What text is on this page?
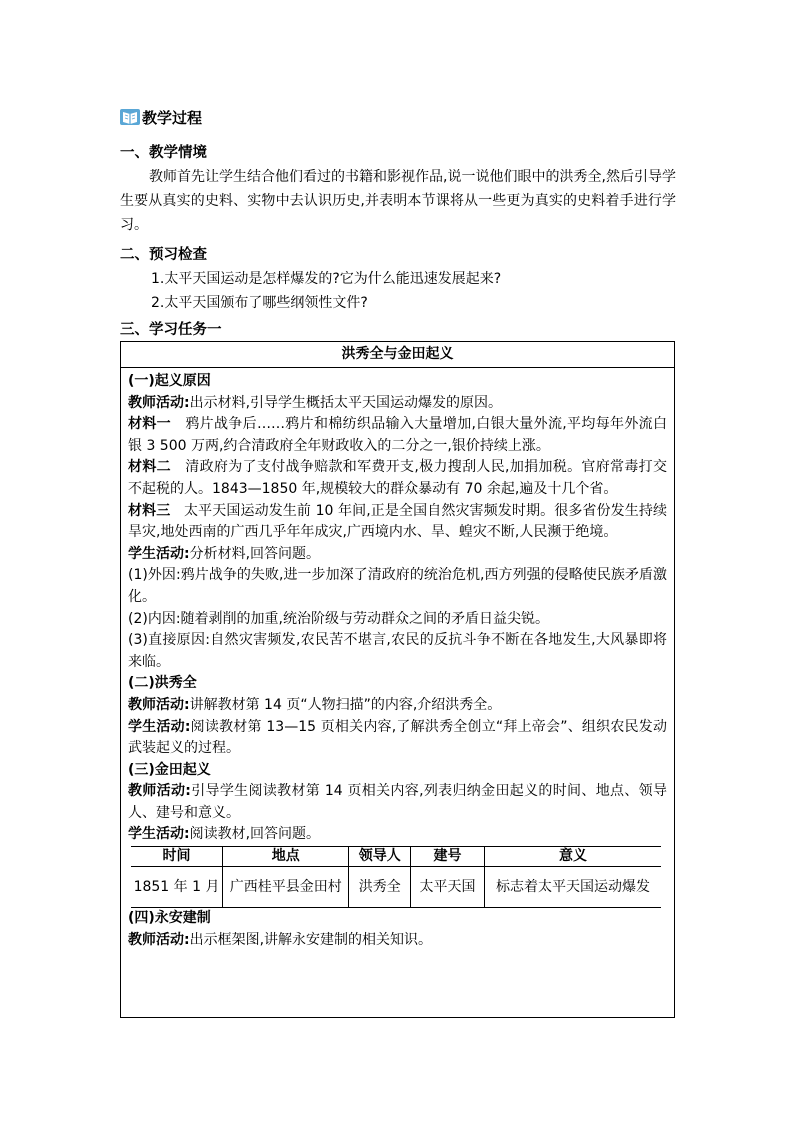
教学过程
一、教学情境
教师首先让学生结合他们看过的书籍和影视作品,说一说他们眼中的洪秀全,然后引导学生要从真实的史料、实物中去认识历史,并表明本节课将从一些更为真实的史料着手进行学习。
二、预习检查
1.太平天国运动是怎样爆发的?它为什么能迅速发展起来?
2.太平天国颁布了哪些纲领性文件?
三、学习任务一
洪秀全与金田起义

(一)起义原因

教师活动:出示材料,引导学生概括太平天国运动爆发的原因。

材料一 鸦片战争后……鸦片和棉纺织品输入大量增加,白银大量外流,平均每年外流白银 3 500 万两,约合清政府全年财政收入的二分之一,银价持续上涨。

材料二 清政府为了支付战争赔款和军费开支,极力搜刮人民,加捐加税。官府常毒打交不起税的人。1843—1850 年,规模较大的群众暴动有 70 余起,遍及十几个省。

材料三 太平天国运动发生前 10 年间,正是全国自然灾害频发时期。很多省份发生持续旱灾,地处西南的广西几乎年年成灾,广西境内水、旱、蝗灾不断,人民濒于绝境。

学生活动:分析材料,回答问题。

(1)外因:鸦片战争的失败,进一步加深了清政府的统治危机,西方列强的侵略使民族矛盾激化。

(2)内因:随着剥削的加重,统治阶级与劳动群众之间的矛盾日益尖锐。

(3)直接原因:自然灾害频发,农民苦不堪言,农民的反抗斗争不断在各地发生,大风暴即将来临。

(二)洪秀全

教师活动:讲解教材第 14 页“人物扫描”的内容,介绍洪秀全。

学生活动:阅读教材第 13—15 页相关内容,了解洪秀全创立“拜上帝会”、组织农民发动武装起义的过程。

(三)金田起义

教师活动:引导学生阅读教材第 14 页相关内容,列表归纳金田起义的时间、地点、领导人、建号和意义。

学生活动:阅读教材,回答问题。

时间	地点	领导人	建号	意义
1851 年 1 月	广西桂平县金田村	洪秀全	太平天国	标志着太平天国运动爆发

(四)永安建制

教师活动:出示框架图,讲解永安建制的相关知识。
